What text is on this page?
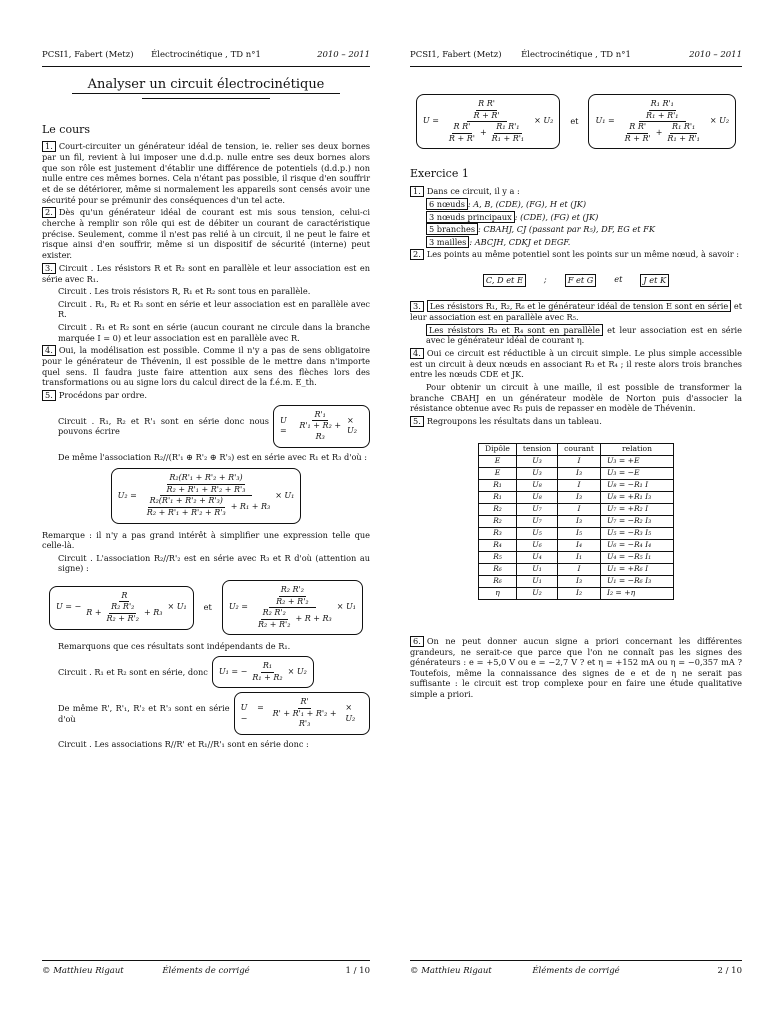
PCSI1, Fabert (Metz) Électrocinétique , TD n°1	2010 – 2011
Analyser un circuit électrocinétique
Le cours

1. Court-circuiter un générateur idéal de tension, ie. relier ses deux bornes par un fil, revient à lui imposer une d.d.p. nulle entre ses deux bornes alors que son rôle est justement d'établir une différence de potentiels (d.d.p.) non nulle entre ces mêmes bornes. Cela n'étant pas possible, il risque d'en souffrir et de se détériorer, même si normalement les appareils sont censés avoir une sécurité pour se prémunir des conséquences d'un tel acte.

2. Dès qu'un générateur idéal de courant est mis sous tension, celui-ci cherche à remplir son rôle qui est de débiter un courant de caractéristique précise. Seulement, comme il n'est pas relié à un circuit, il ne peut le faire et risque ainsi d'en souffrir, même si un dispositif de sécurité (interne) peut exister.

3. Circuit . Les résistors R et R₂ sont en parallèle et leur association est en série avec R₁.

Circuit . Les trois résistors R, R₁ et R₂ sont tous en parallèle.

Circuit . R₁, R₂ et R₃ sont en série et leur association est en parallèle avec R.

Circuit . R₁ et R₂ sont en série (aucun courant ne circule dans la branche marquée I = 0) et leur association est en parallèle avec R.

4. Oui, la modélisation est possible. Comme il n'y a pas de sens obligatoire pour le générateur de Thévenin, il est possible de le mettre dans n'importe quel sens. Il faudra juste faire attention aux sens des flèches lors des transformations ou au signe lors du calcul direct de la f.é.m. E_th.

5. Procédons par ordre.

Circuit . R₁, R₂ et R'₁ sont en série donc nous pouvons écrire
U =	$\frac{\text{R'₁}}{\text{R'₁ + R₂ + R₃}} \times U_2$

De même l'association R₂//(R'₁ ⊕ R'₂ ⊕ R'₃) est en série avec R₁ et R₃ d'où :

$U_2 = \frac{\frac{\text{R₂(R'₁ + R'₂ + R'₃)}}{\text{R₂ + R'₁ + R'₂ + R'₃}}}{\frac{\text{R₂(R'₁ + R'₂ + R'₃)}}{\text{R₂ + R'₁ + R'₂ + R'₃}} + R_1 + R_3} \times U_1$

Remarque : il n'y a pas grand intérêt à simplifier une expression telle que celle-là.

Circuit . L'association R₂//R'₂ est en série avec R₃ et R d'où (attention au signe) :

U = − $\frac{R}{R + \frac{\text{R₂ R'₂}}{\text{R₂ + R'₂}} + R_3} \times U_1$ et $U_2 = \frac{\frac{\text{R₂ R'₂}}{\text{R₂ + R'₂}}}{\frac{\text{R₂ R'₂}}{\text{R₂ + R'₂}} + R + R_3} \times U_1$

Remarquons que ces résultats sont indépendants de R₁.

Circuit . R₁ et R₂ sont en série, donc U₁ = − $\frac{\text{R₁}}{\text{R₁ + R₂}} \times U_2$
De même R', R'₁, R'₂ et R'₃ sont en série d'où
U = −	$\frac{R'}{\text{R' + R'₁ + R'₂ + R'₃}} \times U_2$

Circuit . Les associations R//R' et R₁//R'₁ sont en série donc :

© Matthieu Rigaut	Éléments de corrigé	1 / 10
PCSI1, Fabert (Metz) Électrocinétique , TD n°1	2010 – 2011
$U = \frac{\frac{\text{R R'}}{R + R'}}{\frac{\text{R R'}}{R + R'} + \frac{\text{R₁ R'₁}}{\text{R₁ + R'₁}}} \times U_2$ et $U_1 = \frac{\frac{\text{R₁ R'₁}}{\text{R₁ + R'₁}}}{\frac{\text{R R'}}{R + R'} + \frac{\text{R₁ R'₁}}{\text{R₁ + R'₁}}} \times U_2$
Exercice 1

1. Dans ce circuit, il y a :

6 nœuds : A, B, (CDE), (FG), H et (JK)

3 nœuds principaux : (CDE), (FG) et (JK)

5 branches : CBAHJ, CJ (passant par R₅), DF, EG et FK

3 mailles : ABCJH, CDKJ et DEGF.

2. Les points au même potentiel sont les points sur un même nœud, à savoir :

C, D et E	;	F et G	et	J et K

3. Les résistors R₁, R₂, R₆ et le générateur idéal de tension E sont en série et leur association est en parallèle avec R₅.

Les résistors R₃ et R₄ sont en parallèle et leur association est en série avec le générateur idéal de courant η.

4. Oui ce circuit est réductible à un circuit simple. Le plus simple accessible est un circuit à deux nœuds en associant R₃ et R₄ ; il reste alors trois branches entre les nœuds CDE et JK.

Pour obtenir un circuit à une maille, il est possible de transformer la branche CBAHJ en un générateur modèle de Norton puis d'associer la résistance obtenue avec R₅ puis de repasser en modèle de Thévenin.

5. Regroupons les résultats dans un tableau.

Dipôle	tension	courant	relation
E	U₃	I	U₃ = +E
E	U₃	I₃	U₃ = −E
R₁	U₈	I	U₈ = −R₁ I
R₁	U₈	I₃	U₈ = +R₁ I₃
R₂	U₇	I	U₇ = +R₂ I
R₂	U₇	I₃	U₇ = −R₂ I₃
R₃	U₅	I₅	U₅ = −R₃ I₅
R₄	U₆	I₄	U₆ = −R₄ I₄
R₅	U₄	I₁	U₄ = −R₅ I₁
R₆	U₁	I	U₁ = +R₆ I
R₆	U₁	I₃	U₁ = −R₆ I₃
η	U₂	I₂	I₂ = +η

6. On ne peut donner aucun signe a priori concernant les différentes grandeurs, ne serait-ce que parce que l'on ne connaît pas les signes des générateurs : e = +5,0 V ou e = −2,7 V ? et η = +152 mA ou η = −0,357 mA ? Toutefois, même la connaissance des signes de e et de η ne serait pas suffisante : le circuit est trop complexe pour en faire une étude qualitative simple a priori.

© Matthieu Rigaut	Éléments de corrigé	2 / 10
